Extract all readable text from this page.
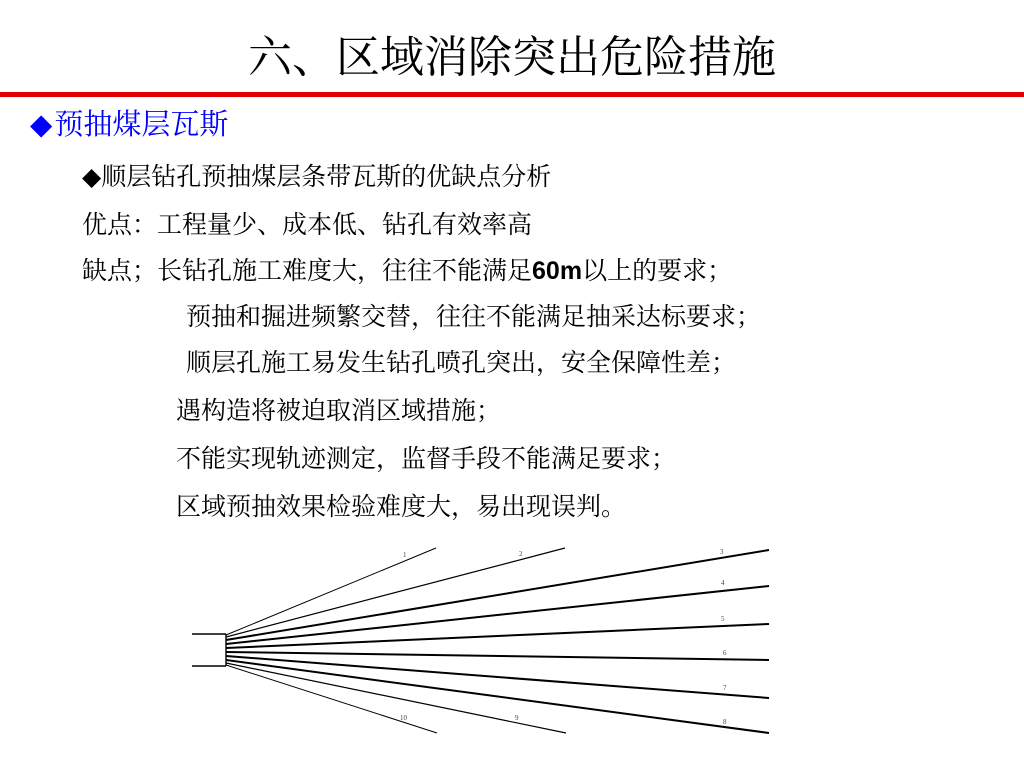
六、区域消除突出危险措施
◆预抽煤层瓦斯
◆顺层钻孔预抽煤层条带瓦斯的优缺点分析
优点：工程量少、成本低、钻孔有效率高
缺点；长钻孔施工难度大，往往不能满足60m以上的要求；
预抽和掘进频繁交替，往往不能满足抽采达标要求；
顺层孔施工易发生钻孔喷孔突出，安全保障性差；
遇构造将被迫取消区域措施；
不能实现轨迹测定，监督手段不能满足要求；
区域预抽效果检验难度大，易出现误判。
1	2	3
4
5
6
7
8
9
10
